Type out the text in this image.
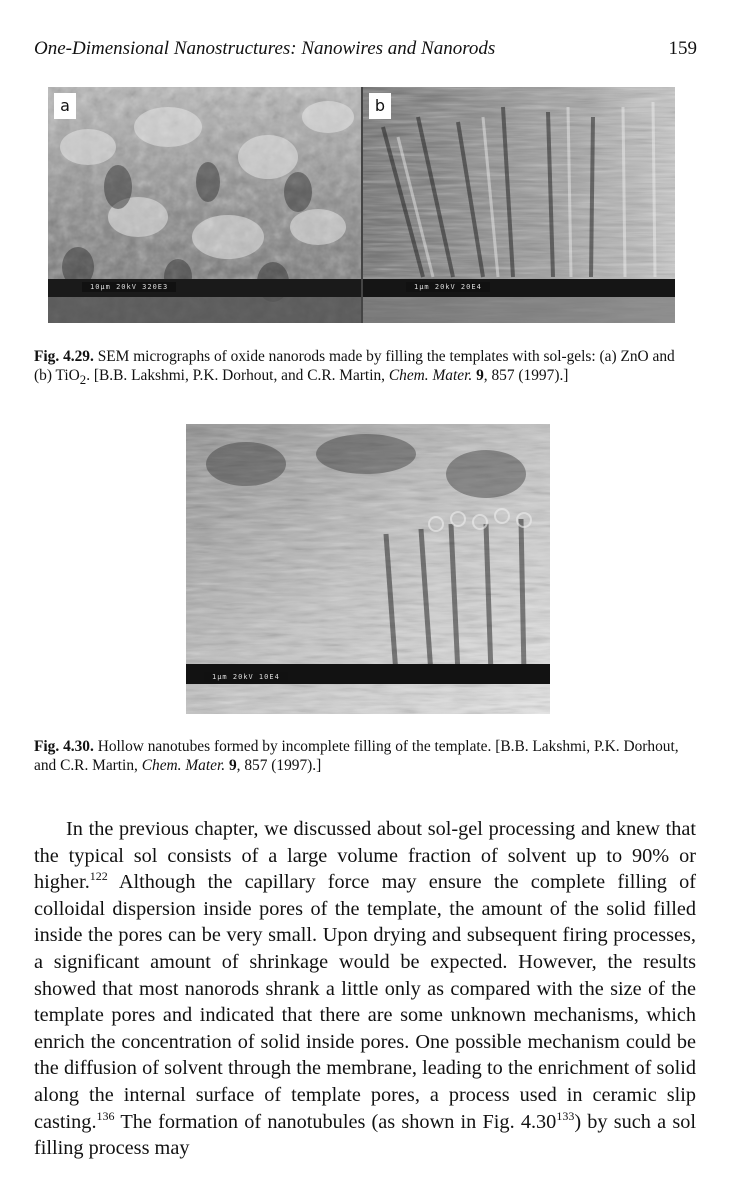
One-Dimensional Nanostructures: Nanowires and Nanorods	159
a	b
10μm 20kV 320E3	1μm 20kV 20E4
Fig. 4.29. SEM micrographs of oxide nanorods made by filling the templates with sol-gels: (a) ZnO and (b) TiO$_2$. [B.B. Lakshmi, P.K. Dorhout, and C.R. Martin, Chem. Mater. 9, 857 (1997).]
1μm 20kV 10E4
Fig. 4.30. Hollow nanotubes formed by incomplete filling of the template. [B.B. Lakshmi, P.K. Dorhout, and C.R. Martin, Chem. Mater. 9, 857 (1997).]

In the previous chapter, we discussed about sol-gel processing and knew that the typical sol consists of a large volume fraction of solvent up to 90% or higher.$^{122}$ Although the capillary force may ensure the complete filling of colloidal dispersion inside pores of the template, the amount of the solid filled inside the pores can be very small. Upon drying and subsequent firing processes, a significant amount of shrinkage would be expected. However, the results showed that most nanorods shrank a little only as compared with the size of the template pores and indicated that there are some unknown mechanisms, which enrich the concentration of solid inside pores. One possible mechanism could be the diffusion of solvent through the membrane, leading to the enrichment of solid along the internal surface of template pores, a process used in ceramic slip casting.$^{136}$ The formation of nanotubules (as shown in Fig. 4.30$^{133}$) by such a sol filling process may
